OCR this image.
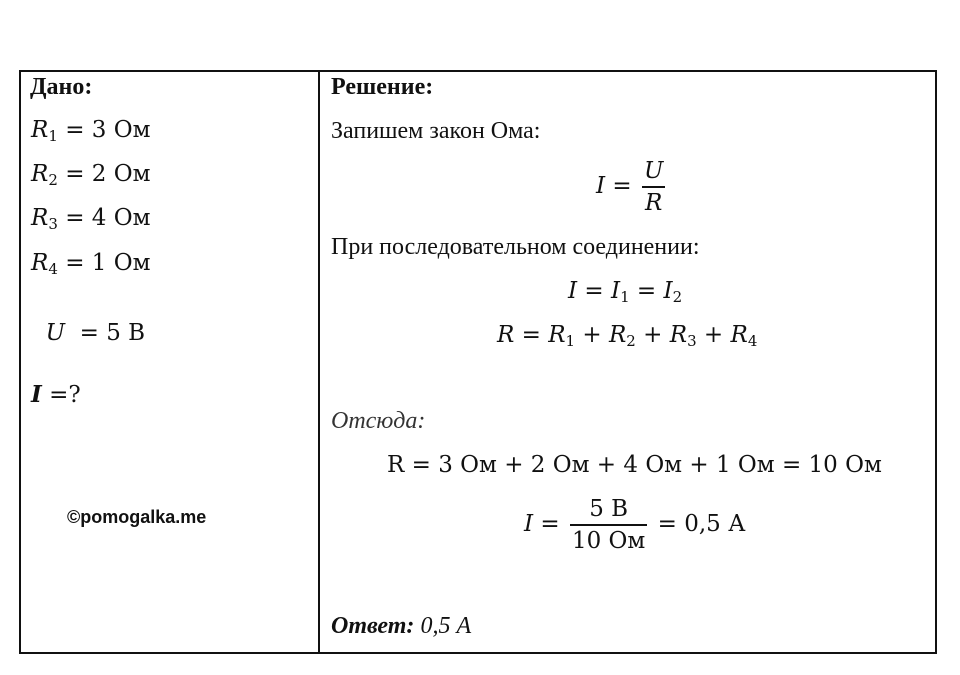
Дано:
$R_1 = 3$ Ом
$R_2 = 2$ Ом
$R_3 = 4$ Ом
$R_4 = 1$ Ом

U  = 5 В

I =?
©pomogalka.me
Решение:
Запишем закон Ома:
$I = \frac{U}{R}$
При последовательном соединении:
$I = I_1 = I_2$
$R = R_1 + R_2 + R_3 + R_4$
Отсюда:
R = 3 Ом + 2 Ом + 4 Ом + 1 Ом = 10 Ом
$I = \frac{5 В}{10 Ом} = 0,5$ А
Ответ: 0,5 А
